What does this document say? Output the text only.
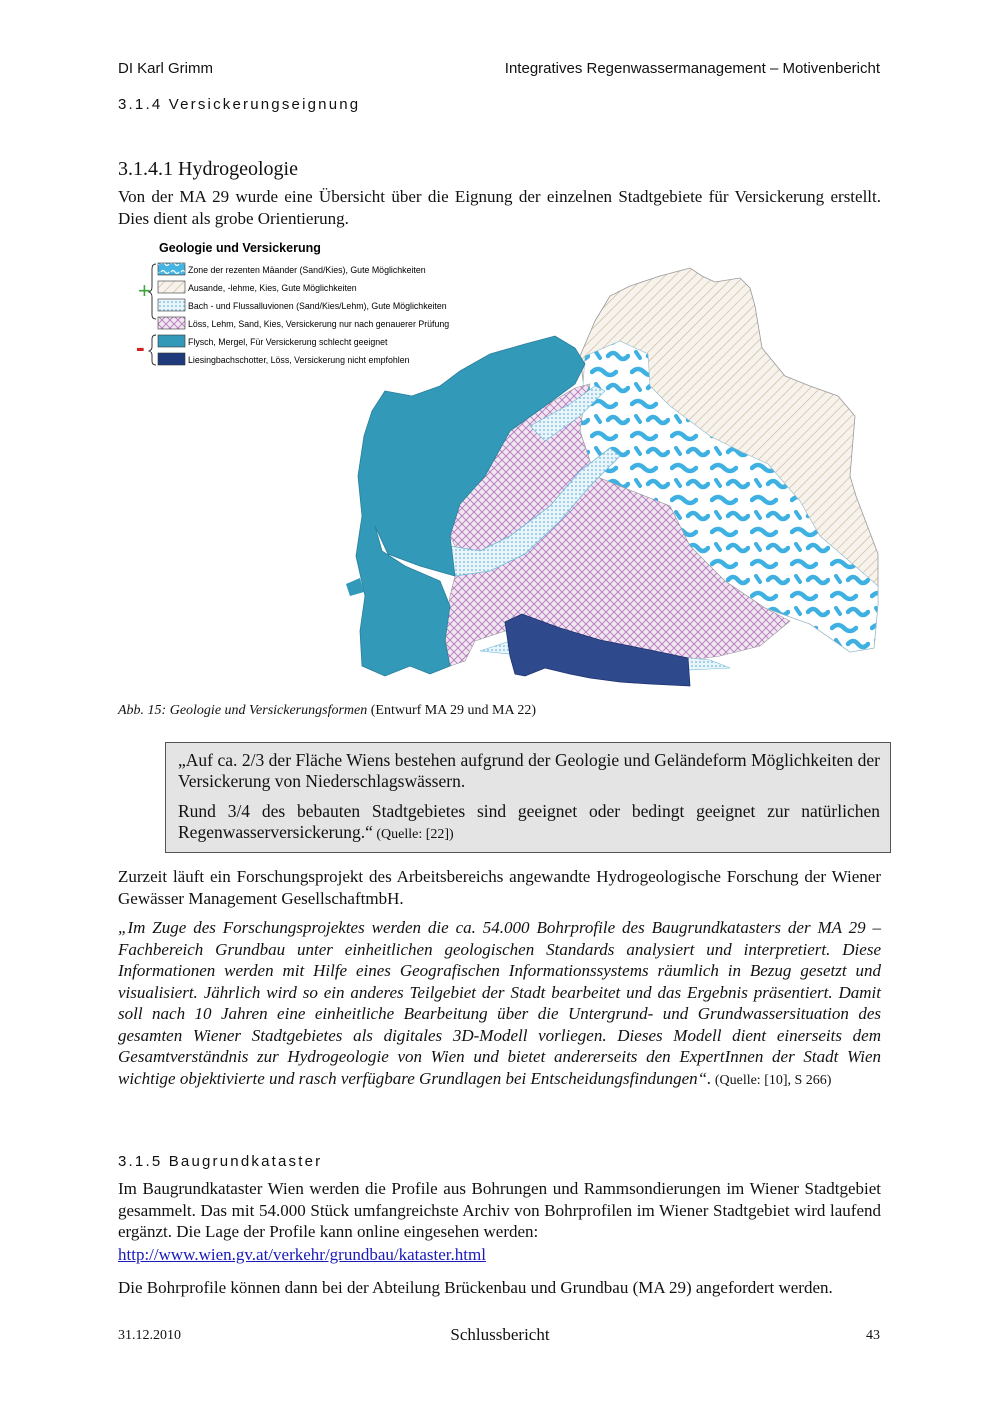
DI Karl Grimm	Integratives Regenwassermanagement – Motivenbericht
3.1.4 Versickerungseignung
3.1.4.1 Hydrogeologie
Von der MA 29 wurde eine Übersicht über die Eignung der einzelnen Stadtgebiete für Versickerung erstellt. Dies dient als grobe Orientierung.
Geologie und Versickerung
Zone der rezenten Mäander (Sand/Kies), Gute Möglichkeiten
Ausande, -lehme, Kies, Gute Möglichkeiten
Bach - und Flussalluvionen (Sand/Kies/Lehm), Gute Möglichkeiten
Löss, Lehm, Sand, Kies, Versickerung nur nach genauerer Prüfung
Flysch, Mergel, Für Versickerung schlecht geeignet
Liesingbachschotter, Löss, Versickerung nicht empfohlen
+
-
Abb. 15: Geologie und Versickerungsformen (Entwurf MA 29 und MA 22)

„Auf ca. 2/3 der Fläche Wiens bestehen aufgrund der Geologie und Geländeform Möglichkeiten der Versickerung von Niederschlagswässern.

Rund 3/4 des bebauten Stadtgebietes sind geeignet oder bedingt geeignet zur natürlichen Regenwasserversickerung.“ (Quelle: [22])

Zurzeit läuft ein Forschungsprojekt des Arbeitsbereichs angewandte Hydrogeologische Forschung der Wiener Gewässer Management GesellschaftmbH.
„Im Zuge des Forschungsprojektes werden die ca. 54.000 Bohrprofile des Baugrundkatasters der MA 29 – Fachbereich Grundbau unter einheitlichen geologischen Standards analysiert und interpretiert. Diese Informationen werden mit Hilfe eines Geografischen Informationssystems räumlich in Bezug gesetzt und visualisiert. Jährlich wird so ein anderes Teilgebiet der Stadt bearbeitet und das Ergebnis präsentiert. Damit soll nach 10 Jahren eine einheitliche Bearbeitung über die Untergrund- und Grundwassersituation des gesamten Wiener Stadtgebietes als digitales 3D-Modell vorliegen. Dieses Modell dient einerseits dem Gesamtverständnis zur Hydrogeologie von Wien und bietet andererseits den ExpertInnen der Stadt Wien wichtige objektivierte und rasch verfügbare Grundlagen bei Entscheidungsfindungen“. (Quelle: [10], S 266)
3.1.5 Baugrundkataster
Im Baugrundkataster Wien werden die Profile aus Bohrungen und Rammsondierungen im Wiener Stadtgebiet gesammelt. Das mit 54.000 Stück umfangreichste Archiv von Bohrprofilen im Wiener Stadtgebiet wird laufend ergänzt. Die Lage der Profile kann online eingesehen werden:
http://www.wien.gv.at/verkehr/grundbau/kataster.html
Die Bohrprofile können dann bei der Abteilung Brückenbau und Grundbau (MA 29) angefordert werden.
31.12.2010	Schlussbericht	43
